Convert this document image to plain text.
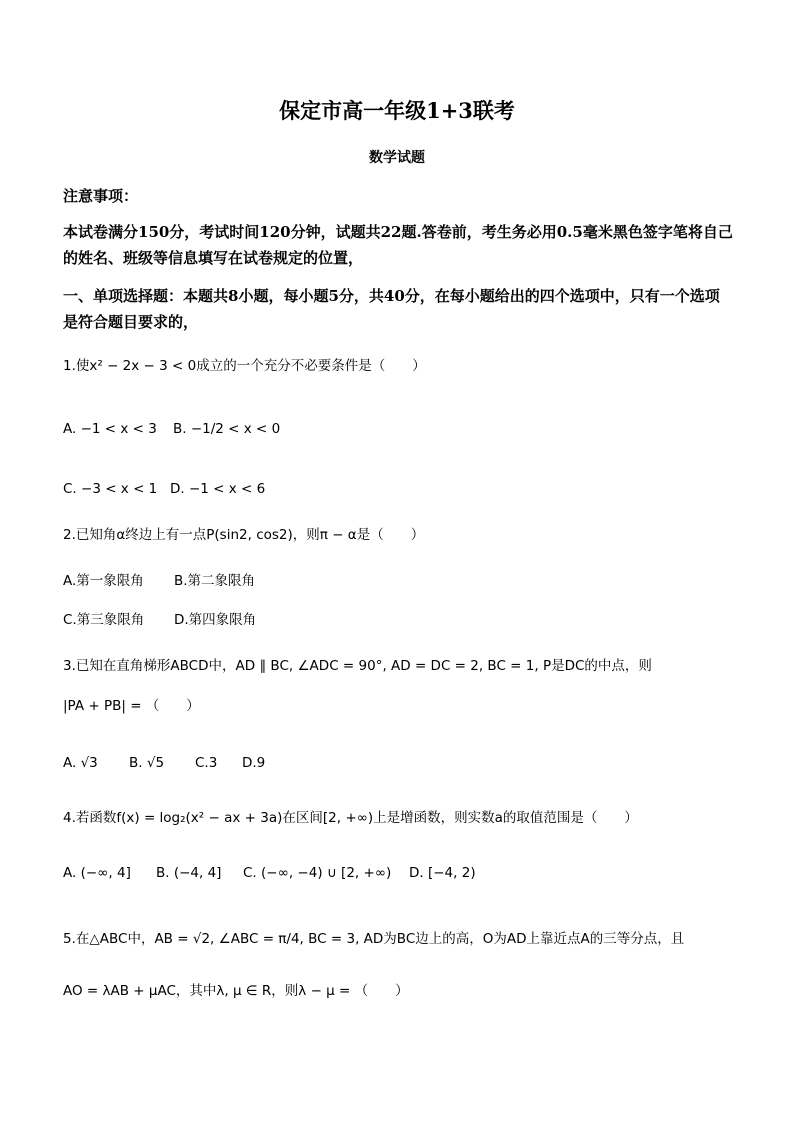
保定市高一年级1+3联考
数学试题
注意事项：
本试卷满分150分，考试时间120分钟，试题共22题.答卷前，考生务必用0.5毫米黑色签字笔将自己的姓名、班级等信息填写在试卷规定的位置，
一、单项选择题：本题共8小题，每小题5分，共40分，在每小题给出的四个选项中，只有一个选项是符合题目要求的，
1.使x² − 2x − 3 < 0成立的一个充分不必要条件是（　　）
A. −1 < x < 3 B. −1/2 < x < 0
C. −3 < x < 1 D. −1 < x < 6
2.已知角α终边上有一点P(sin2, cos2)，则π − α是（　　）
A.第一象限角 B.第二象限角
C.第三象限角 D.第四象限角
3.已知在直角梯形ABCD中，AD ∥ BC, ∠ADC = 90°, AD = DC = 2, BC = 1, P是DC的中点，则
|PA + PB| = （　　）
A. √3 B. √5 C.3 D.9
4.若函数f(x) = log₂(x² − ax + 3a)在区间[2, +∞)上是增函数，则实数a的取值范围是（　　）
A. (−∞, 4] B. (−4, 4] C. (−∞, −4) ∪ [2, +∞) D. [−4, 2)
5.在△ABC中，AB = √2, ∠ABC = π/4, BC = 3, AD为BC边上的高，O为AD上靠近点A的三等分点，且
AO = λAB + μAC，其中λ, μ ∈ R，则λ − μ = （　　）
